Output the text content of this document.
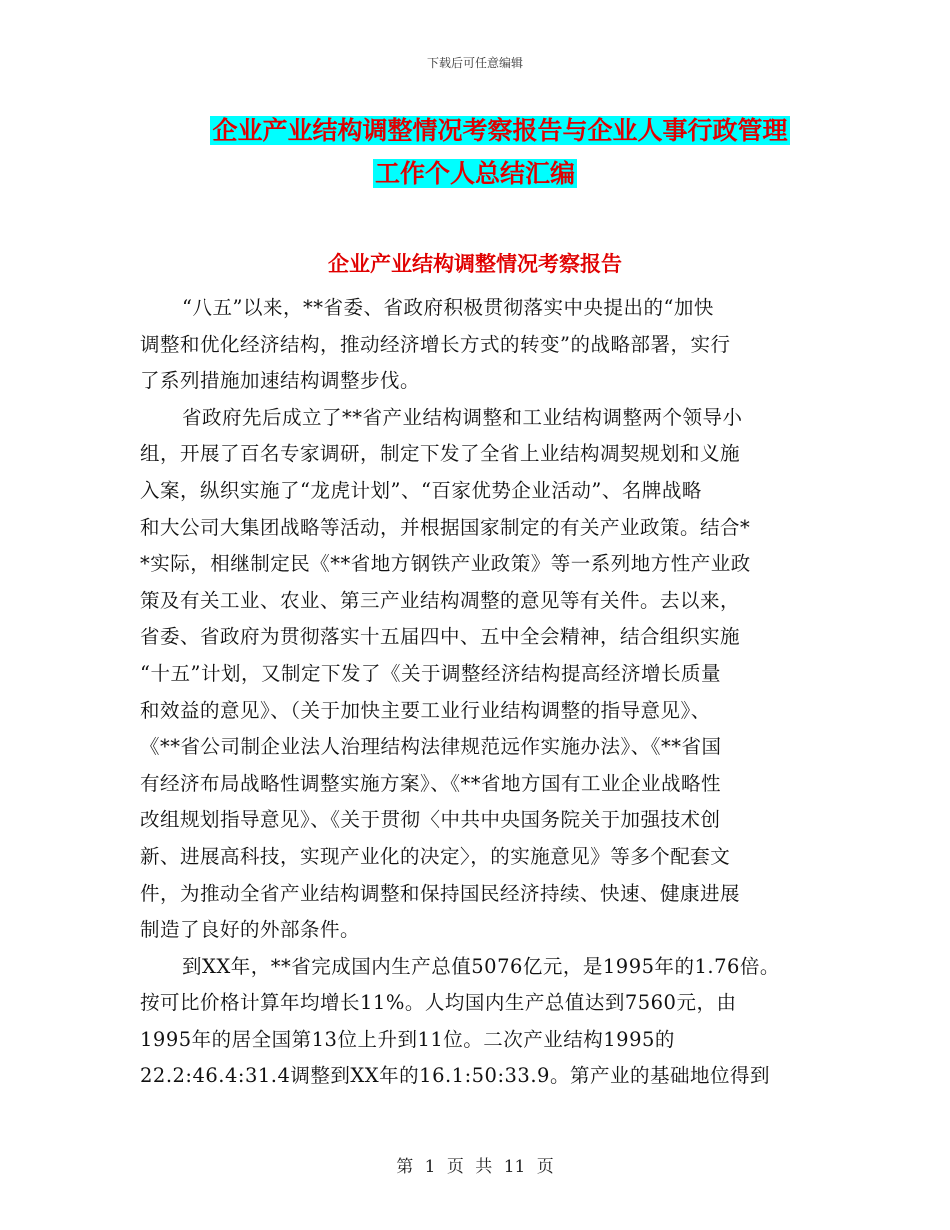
下载后可任意编辑
企业产业结构调整情况考察报告与企业人事行政管理
工作个人总结汇编
企业产业结构调整情况考察报告
“八五”以来，**省委、省政府积极贯彻落实中央提出的“加快
调整和优化经济结构，推动经济增长方式的转变”的战略部署，实行
了系列措施加速结构调整步伐。
省政府先后成立了**省产业结构调整和工业结构调整两个领导小
组，开展了百名专家调研，制定下发了全省上业结构凋契规划和义施
入案，纵织实施了“龙虎计划”、“百家优势企业活动”、名牌战略
和大公司大集团战略等活动，并根据国家制定的有关产业政策。结合*
*实际，相继制定民《**省地方钢铁产业政策》等一系列地方性产业政
策及有关工业、农业、第三产业结构凋整的意见等有关件。去以来，
省委、省政府为贯彻落实十五届四中、五中全会精神，结合组织实施
“十五”计划，又制定下发了《关于调整经济结构提高经济增长质量
和效益的意见》、（关于加快主要工业行业结构调整的指导意见》、
《**省公司制企业法人治理结构法律规范远作实施办法》、《**省国
有经济布局战略性调整实施方案》、《**省地方国有工业企业战略性
改组规划指导意见》、《关于贯彻〈中共中央国务院关于加强技术创
新、进展高科技，实现产业化的决定〉，的实施意见》等多个配套文
件，为推动全省产业结构调整和保持国民经济持续、快速、健康进展
制造了良好的外部条件。
到XX年，**省完成国内生产总值5076亿元，是1995年的1.76倍。
按可比价格计算年均增长11%。人均国内生产总值达到7560元，由
1995年的居全国第13位上升到11位。二次产业结构1995的
22.2:46.4:31.4调整到XX年的16.1:50:33.9。第产业的基础地位得到
第 1 页 共 11 页
